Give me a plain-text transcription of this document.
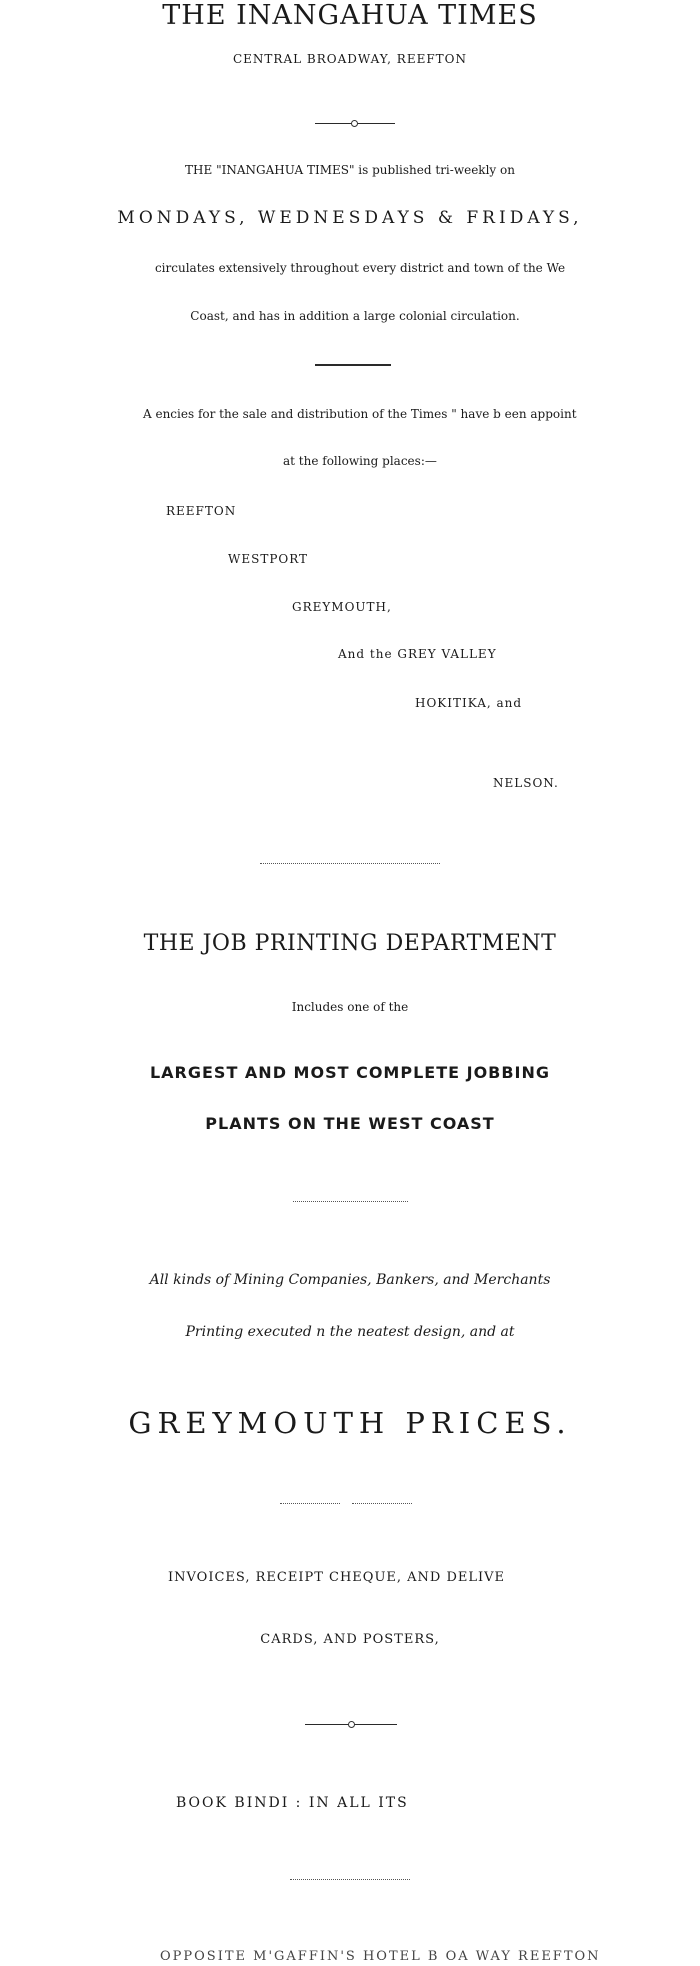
THE INANGAHUA TIMES
CENTRAL BROADWAY, REEFTON
THE "INANGAHUA TIMES" is published tri-weekly on
MONDAYS, WEDNESDAYS & FRIDAYS,
circulates extensively throughout every district and town of the We
Coast, and has in addition a large colonial circulation.
A encies for the sale and distribution of the Times " have b een appoint
at the following places:—
REEFTON
WESTPORT
GREYMOUTH,
And the GREY VALLEY
HOKITIKA, and
NELSON.
THE JOB PRINTING DEPARTMENT
Includes one of the
LARGEST AND MOST COMPLETE JOBBING
PLANTS ON THE WEST COAST
All kinds of Mining Companies, Bankers, and Merchants
Printing executed n the neatest design, and at
GREYMOUTH PRICES.
INVOICES, RECEIPT CHEQUE, AND DELIVE
CARDS, AND POSTERS,
BOOK BINDI : IN ALL ITS
OPPOSITE M'GAFFIN'S HOTEL B OA WAY REEFTON
